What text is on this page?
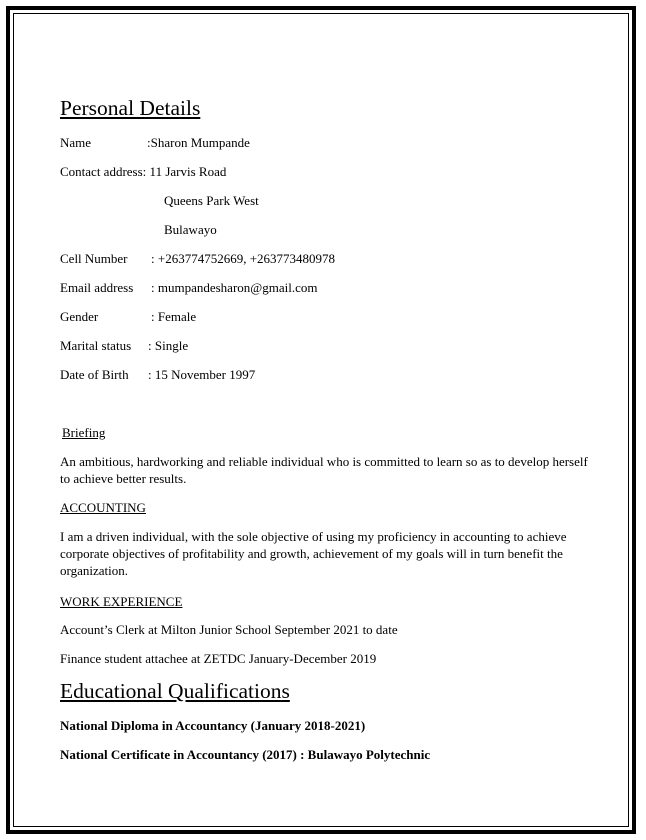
Personal Details
Name	:Sharon Mumpande
Contact address: 11 Jarvis Road
Queens Park West
Bulawayo
Cell Number : +263774752669, +263773480978
Email address : mumpandesharon@gmail.com
Gender	: Female
Marital status : Single
Date of Birth : 15 November 1997
Briefing
An ambitious, hardworking and reliable individual who is committed to learn so as to develop herself to achieve better results.
ACCOUNTING
I am a driven individual, with the sole objective of using my proficiency in accounting to achieve corporate objectives of profitability and growth, achievement of my goals will in turn benefit the organization.
WORK EXPERIENCE
Account’s Clerk at Milton Junior School September 2021 to date
Finance student attachee at ZETDC January-December 2019
Educational Qualifications
National Diploma in Accountancy (January 2018-2021)
National Certificate in Accountancy (2017) : Bulawayo Polytechnic
